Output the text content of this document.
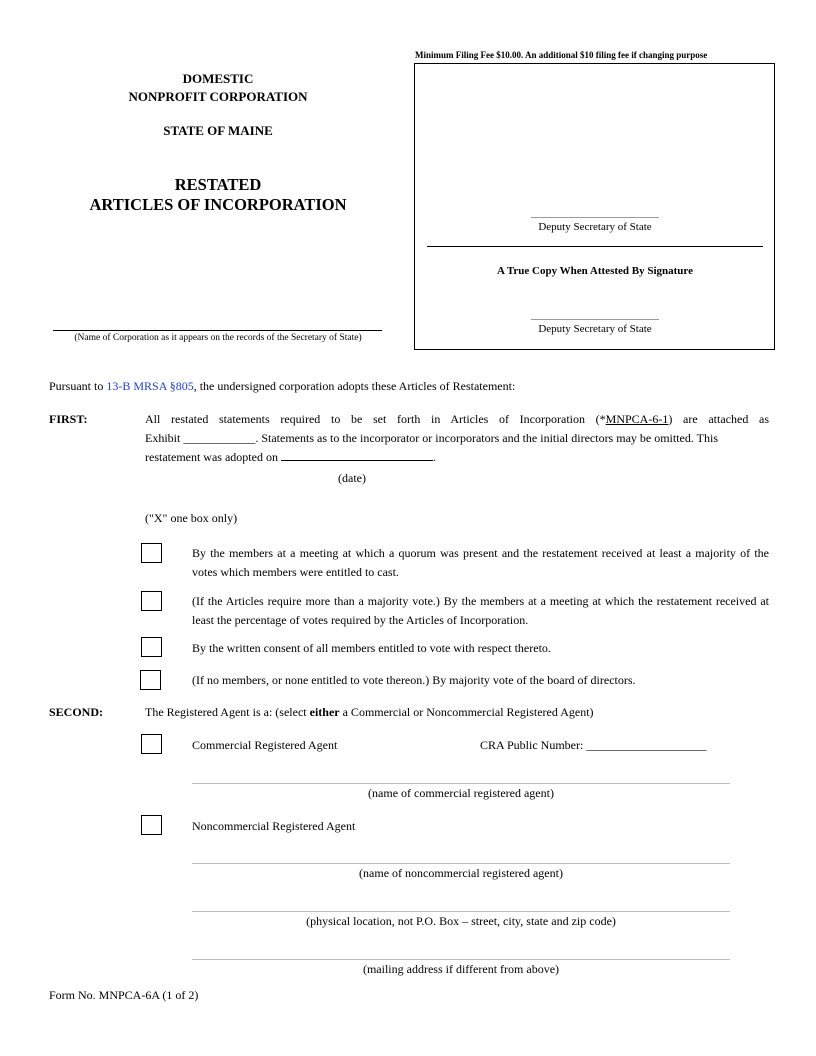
Minimum Filing Fee $10.00. An additional $10 filing fee if changing purpose
Deputy Secretary of State
A True Copy When Attested By Signature
Deputy Secretary of State
DOMESTIC
NONPROFIT CORPORATION
STATE OF MAINE
RESTATED
ARTICLES OF INCORPORATION
(Name of Corporation as it appears on the records of the Secretary of State)
Pursuant to 13-B MRSA §805, the undersigned corporation adopts these Articles of Restatement:
FIRST:	All restated statements required to be set forth in Articles of Incorporation (*MNPCA-6-1) are attached as
Exhibit ____________. Statements as to the incorporator or incorporators and the initial directors may be omitted. This
restatement was adopted on	.
(date)
("X" one box only)
By the members at a meeting at which a quorum was present and the restatement received at least a majority of the votes which members were entitled to cast.
(If the Articles require more than a majority vote.) By the members at a meeting at which the restatement received at least the percentage of votes required by the Articles of Incorporation.
By the written consent of all members entitled to vote with respect thereto.
(If no members, or none entitled to vote thereon.) By majority vote of the board of directors.
SECOND:	The Registered Agent is a: (select either a Commercial or Noncommercial Registered Agent)
Commercial Registered Agent	CRA Public Number: ____________________
(name of commercial registered agent)
Noncommercial Registered Agent
(name of noncommercial registered agent)
(physical location, not P.O. Box – street, city, state and zip code)
(mailing address if different from above)
Form No. MNPCA-6A (1 of 2)
